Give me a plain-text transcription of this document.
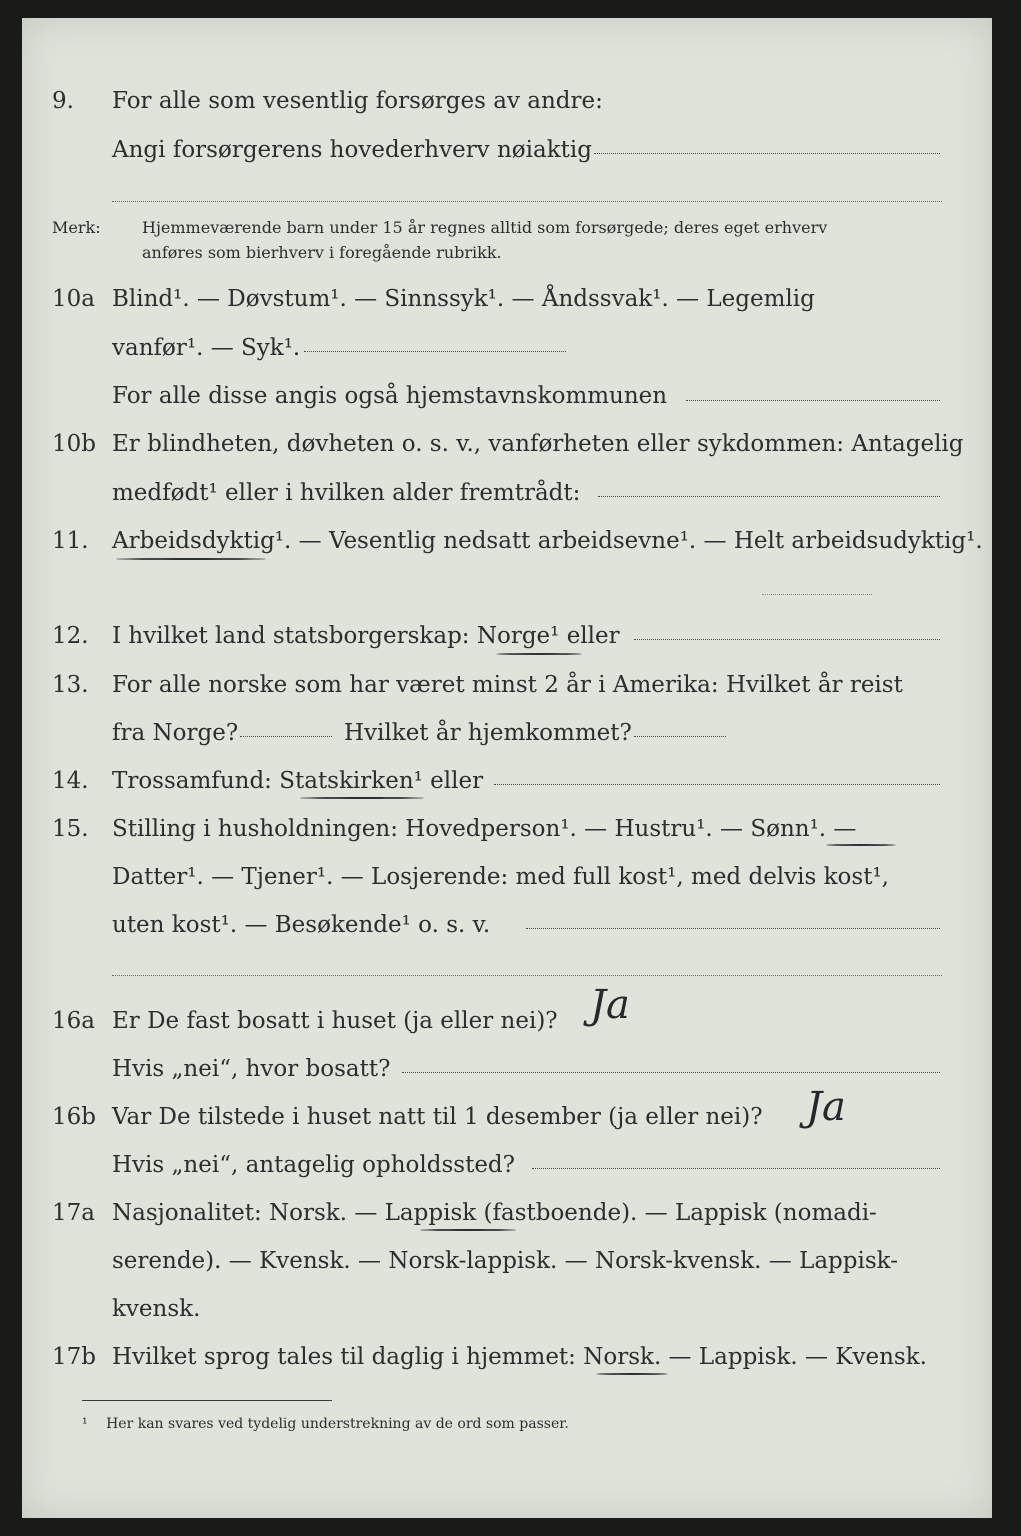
9. For alle som vesentlig forsørges av andre:
Angi forsørgerens hovederhverv nøiaktig
Merk:	Hjemmeværende barn under 15 år regnes alltid som forsørgede; deres eget erhverv
anføres som bierhverv i foregående rubrikk.
10a Blind¹. — Døvstum¹. — Sinnssyk¹. — Åndssvak¹. — Legemlig
vanfør¹. — Syk¹.
For alle disse angis også hjemstavnskommunen
10b Er blindheten, døvheten o. s. v., vanførheten eller sykdommen: Antagelig
medfødt¹ eller i hvilken alder fremtrådt:
11. Arbeidsdyktig¹. — Vesentlig nedsatt arbeidsevne¹. — Helt arbeidsudyktig¹.
12. I hvilket land statsborgerskap: Norge¹ eller
13. For alle norske som har været minst 2 år i Amerika: Hvilket år reist
fra Norge?	Hvilket år hjemkommet?
14. Trossamfund: Statskirken¹ eller
15. Stilling i husholdningen: Hovedperson¹. — Hustru¹. — Sønn¹. —
Datter¹. — Tjener¹. — Losjerende: med full kost¹, med delvis kost¹,
uten kost¹. — Besøkende¹ o. s. v.
16a Er De fast bosatt i huset (ja eller nei)? Ja
Hvis „nei“, hvor bosatt?
16b Var De tilstede i huset natt til 1 desember (ja eller nei)? Ja
Hvis „nei“, antagelig opholdssted?
17a Nasjonalitet: Norsk. — Lappisk (fastboende). — Lappisk (nomadi-
serende). — Kvensk. — Norsk-lappisk. — Norsk-kvensk. — Lappisk-
kvensk.
17b Hvilket sprog tales til daglig i hjemmet: Norsk. — Lappisk. — Kvensk.
¹ Her kan svares ved tydelig understrekning av de ord som passer.
